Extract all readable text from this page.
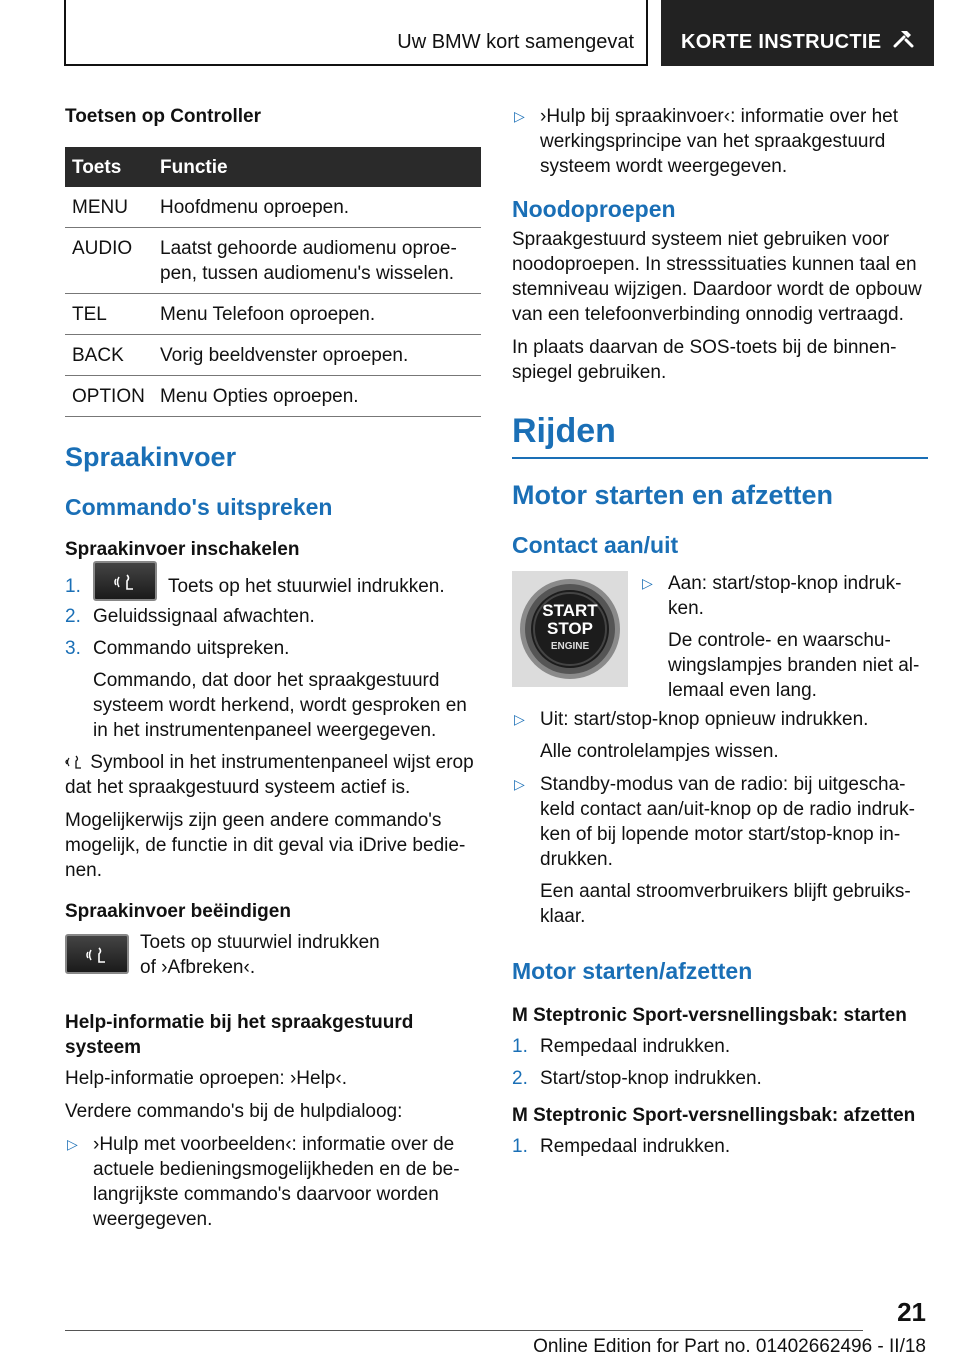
Uw BMW kort samengevat KORTE INSTRUCTIE
Toetsen op Controller
Toets	Functie
MENU	Hoofdmenu oproepen.
AUDIO	Laatst gehoorde audiomenu oproepen, tussen audiomenu's wisselen.
TEL	Menu Telefoon oproepen.
BACK	Vorig beeldvenster oproepen.
OPTION	Menu Opties oproepen.
Spraakinvoer
Commando's uitspreken
Spraakinvoer inschakelen
1.	Toets op het stuurwiel indrukken.
2. Geluidssignaal afwachten.
3. Commando uitspreken.
Commando, dat door het spraakgestuurd systeem wordt herkend, wordt gesproken en in het instrumentenpaneel weergegeven.
Symbool in het instrumentenpaneel wijst erop dat het spraakgestuurd systeem actief is.
Mogelijkerwijs zijn geen andere commando's mogelijk, de functie in dit geval via iDrive bedienen.
Spraakinvoer beëindigen
Toets op stuurwiel indrukken of ›Afbreken‹.
Help-informatie bij het spraakgestuurd systeem
Help-informatie oproepen: ›Help‹.
Verdere commando's bij de hulpdialoog:
▷ ›Hulp met voorbeelden‹: informatie over de actuele bedieningsmogelijkheden en de belangrijkste commando's daarvoor worden weergegeven.
▷ ›Hulp bij spraakinvoer‹: informatie over het werkingsprincipe van het spraakgestuurd systeem wordt weergegeven.
Noodoproepen
Spraakgestuurd systeem niet gebruiken voor noodoproepen. In stresssituaties kunnen taal en stemniveau wijzigen. Daardoor wordt de opbouw van een telefoonverbinding onnodig vertraagd.
In plaats daarvan de SOS-toets bij de binnenspiegel gebruiken.
Rijden
Motor starten en afzetten
Contact aan/uit
START
STOP
ENGINE
▷ Aan: start/stop-knop indrukken.
De controle- en waarschuwingslampjes branden niet allemaal even lang.
▷ Uit: start/stop-knop opnieuw indrukken.
Alle controlelampjes wissen.
▷ Standby-modus van de radio: bij uitgeschakeld contact aan/uit-knop op de radio indrukken of bij lopende motor start/stop-knop indrukken.
Een aantal stroomverbruikers blijft gebruiksklaar.
Motor starten/afzetten
M Steptronic Sport-versnellingsbak: starten
1. Rempedaal indrukken.
2. Start/stop-knop indrukken.
M Steptronic Sport-versnellingsbak: afzetten
1. Rempedaal indrukken.
21
Online Edition for Part no. 01402662496 - II/18
